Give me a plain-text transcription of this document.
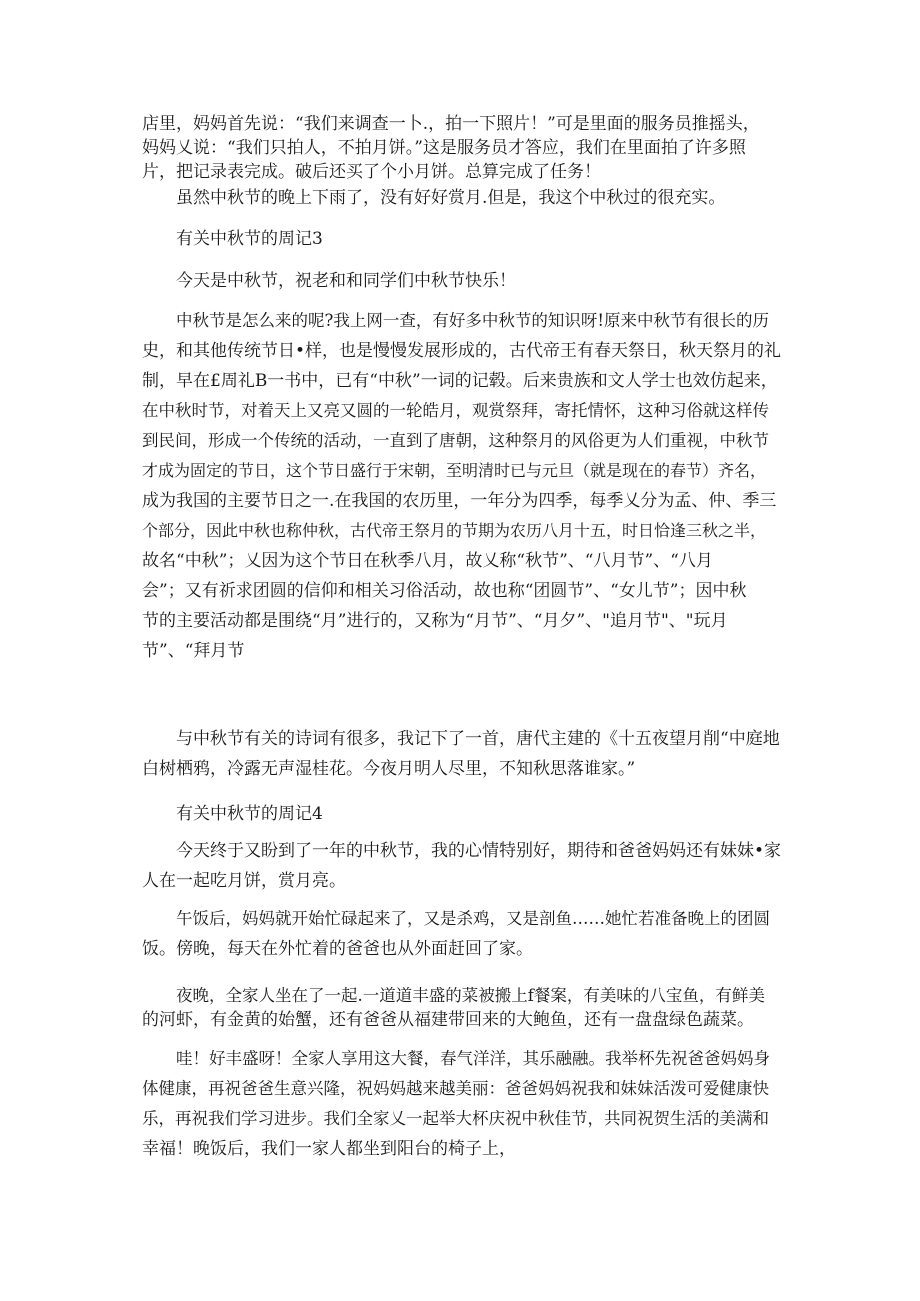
店里，妈妈首先说：“我们来调查一卜.，拍一下照片！”可是里面的服务员推摇头，
妈妈乂说：“我们只拍人，不拍月饼。”这是服务员才答应，我们在里面拍了许多照
片，把记录表完成。破后还买了个小月饼。总算完成了任务！
虽然中秋节的晚上下雨了，没有好好赏月.但是，我这个中秋过的很充实。
有关中秋节的周记3
今天是中秋节，祝老和和同学们中秋节快乐！
中秋节是怎么来的呢?我上网一查，有好多中秋节的知识呀!原来中秋节有很长的历
史，和其他传统节日•样，也是慢慢发展形成的，古代帝王有春天祭日，秋天祭月的礼
制，早在£周礼B一书中，已有“中秋”一词的记毂。后来贵族和文人学士也效仿起来，
在中秋时节，对着天上又亮又圆的一轮皓月，观赏祭拜，寄托情怀，这种习俗就这样传
到民间，形成一个传统的活动，一直到了唐朝，这种祭月的风俗更为人们重视，中秋节
才成为固定的节日，这个节日盛行于宋朝，至明清时已与元旦（就是现在的春节）齐名，
成为我国的主要节日之一.在我国的农历里，一年分为四季，每季乂分为孟、仲、季三
个部分，因此中秋也称仲秋，古代帝王祭月的节期为农历八月十五，时日恰逢三秋之半，
故名“中秋”；乂因为这个节日在秋季八月，故乂称“秋节”、“八月节”、“八月
会”；又有祈求团圆的信仰和相关习俗活动，故也称“团圆节”、“女儿节”；因中秋
节的主要活动都是围绕“月”进行的，又称为“月节”、“月夕”、"追月节"、"玩月
节”、“拜月节
与中秋节有关的诗词有很多，我记下了一首，唐代主建的《十五夜望月削“中庭地
白树栖鸦，冷露无声湿桂花。今夜月明人尽里，不知秋思落谁家。”
有关中秋节的周记4
今天终于又盼到了一年的中秋节，我的心情特别好，期待和爸爸妈妈还有妹妹•家
人在一起吃月饼，赏月亮。
午饭后，妈妈就开始忙碌起来了，又是杀鸡，又是剖鱼……她忙若准备晚上的团圆
饭。傍晚，每天在外忙着的爸爸也从外面赶回了家。
夜晚，全家人坐在了一起.一道道丰盛的菜被搬上f餐案，有美味的八宝鱼，有鲜美
的河虾，有金黄的始蟹，还有爸爸从福建带回来的大鲍鱼，还有一盘盘绿色蔬菜。
哇！好丰盛呀！全家人享用这大餐，春气洋洋，其乐融融。我举杯先祝爸爸妈妈身
体健康，再祝爸爸生意兴隆，祝妈妈越来越美丽：爸爸妈妈祝我和妹妹活泼可爱健康快
乐，再祝我们学习进步。我们全家乂一起举大杯庆祝中秋佳节，共同祝贺生活的美满和
幸福！晚饭后，我们一家人都坐到阳台的椅子上，
